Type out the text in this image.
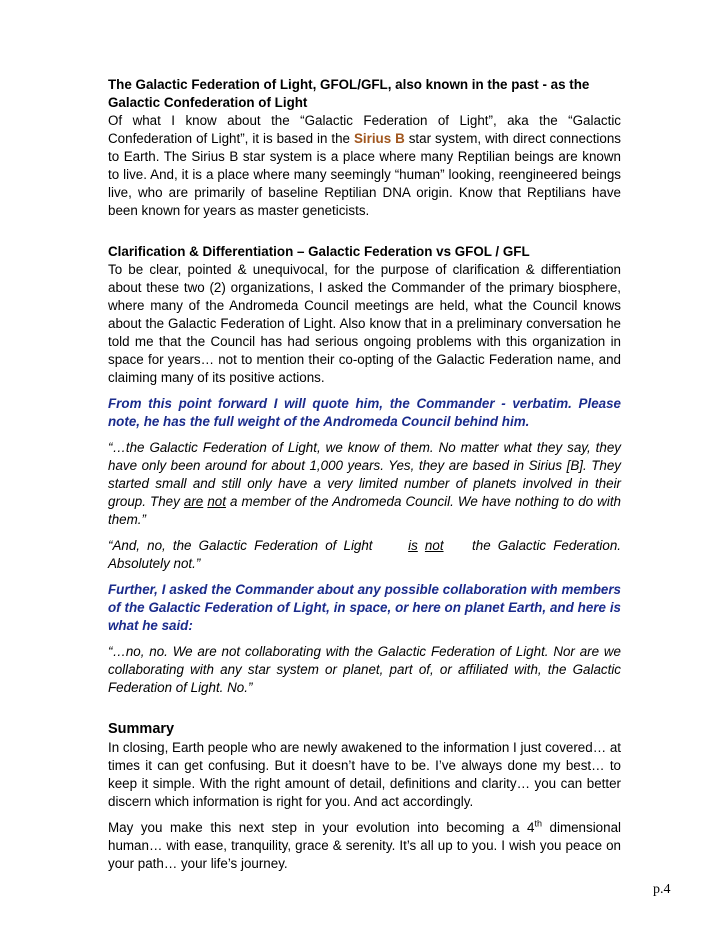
The Galactic Federation of Light, GFOL/GFL, also known in the past - as the Galactic Confederation of Light

Of what I know about the “Galactic Federation of Light”, aka the “Galactic Confederation of Light”, it is based in the Sirius B star system, with direct connections to Earth. The Sirius B star system is a place where many Reptilian beings are known to live. And, it is a place where many seemingly “human” looking, reengineered beings live, who are primarily of baseline Reptilian DNA origin. Know that Reptilians have been known for years as master geneticists.

Clarification & Differentiation – Galactic Federation vs GFOL / GFL

To be clear, pointed & unequivocal, for the purpose of clarification & differentiation about these two (2) organizations, I asked the Commander of the primary biosphere, where many of the Andromeda Council meetings are held, what the Council knows about the Galactic Federation of Light. Also know that in a preliminary conversation he told me that the Council has had serious ongoing problems with this organization in space for years… not to mention their co-opting of the Galactic Federation name, and claiming many of its positive actions.

From this point forward I will quote him, the Commander - verbatim. Please note, he has the full weight of the Andromeda Council behind him.

“…the Galactic Federation of Light, we know of them. No matter what they say, they have only been around for about 1,000 years. Yes, they are based in Sirius [B]. They started small and still only have a very limited number of planets involved in their group. They are not a member of the Andromeda Council. We have nothing to do with them.”

“And, no, the Galactic Federation of Light     is not    the Galactic Federation. Absolutely not.”

Further, I asked the Commander about any possible collaboration with members of the Galactic Federation of Light, in space, or here on planet Earth, and here is what he said:

“…no, no. We are not collaborating with the Galactic Federation of Light. Nor are we collaborating with any star system or planet, part of, or affiliated with, the Galactic Federation of Light. No.”

Summary

In closing, Earth people who are newly awakened to the information I just covered… at times it can get confusing. But it doesn’t have to be. I’ve always done my best… to keep it simple. With the right amount of detail, definitions and clarity… you can better discern which information is right for you. And act accordingly.

May you make this next step in your evolution into becoming a 4th dimensional human… with ease, tranquility, grace & serenity. It’s all up to you. I wish you peace on your path… your life’s journey.

p.4
